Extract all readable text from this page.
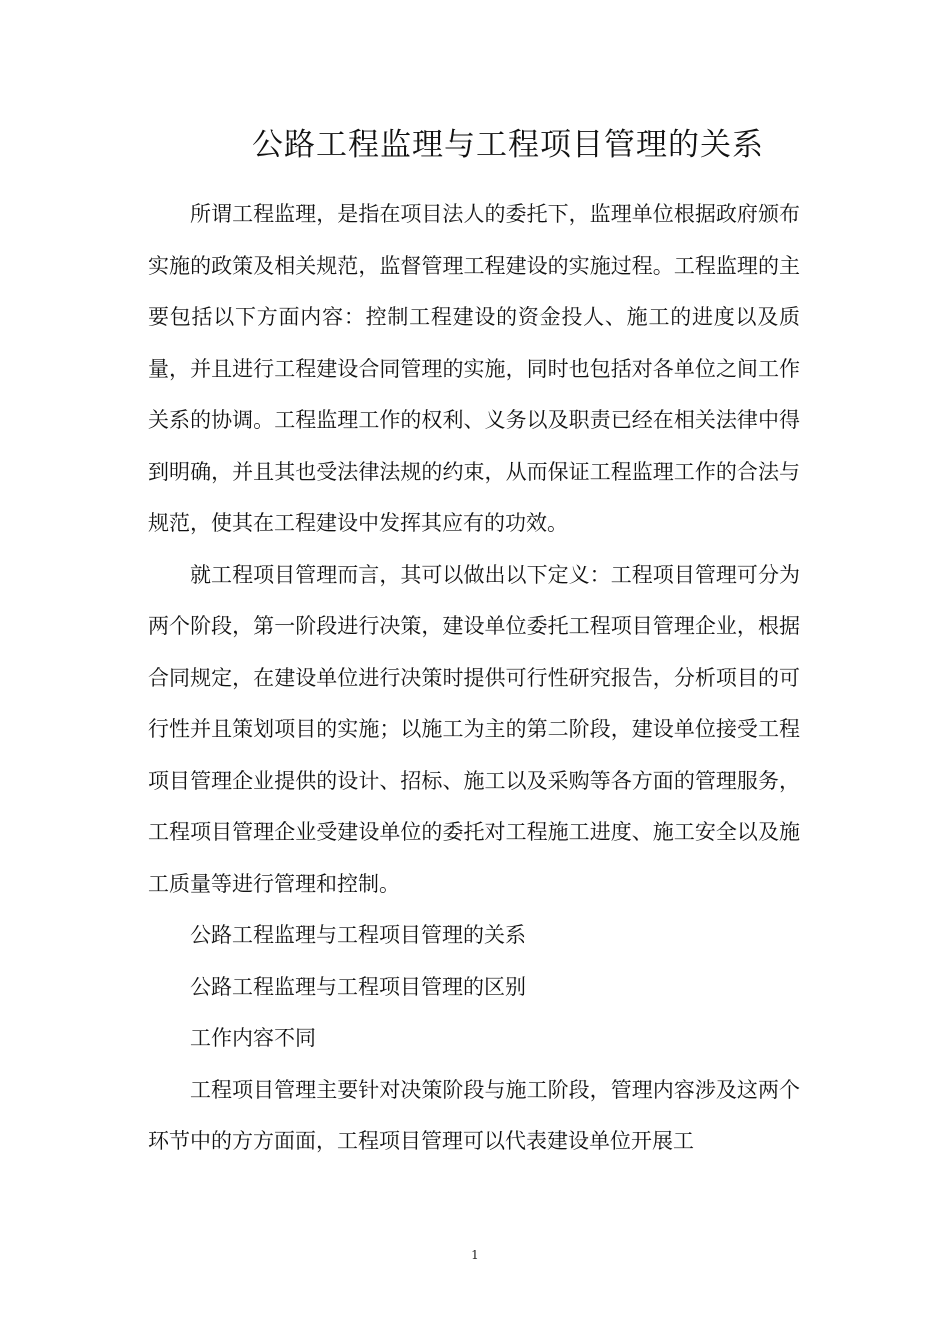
公路工程监理与工程项目管理的关系

所谓工程监理，是指在项目法人的委托下，监理单位根据政府颁布实施的政策及相关规范，监督管理工程建设的实施过程。工程监理的主要包括以下方面内容：控制工程建设的资金投人、施工的进度以及质量，并且进行工程建设合同管理的实施，同时也包括对各单位之间工作关系的协调。工程监理工作的权利、义务以及职责已经在相关法律中得到明确，并且其也受法律法规的约束，从而保证工程监理工作的合法与规范，使其在工程建设中发挥其应有的功效。

就工程项目管理而言，其可以做出以下定义：工程项目管理可分为两个阶段，第一阶段进行决策，建设单位委托工程项目管理企业，根据合同规定，在建设单位进行决策时提供可行性研究报告，分析项目的可行性并且策划项目的实施；以施工为主的第二阶段，建设单位接受工程项目管理企业提供的设计、招标、施工以及采购等各方面的管理服务，工程项目管理企业受建设单位的委托对工程施工进度、施工安全以及施工质量等进行管理和控制。

公路工程监理与工程项目管理的关系

公路工程监理与工程项目管理的区别

工作内容不同

工程项目管理主要针对决策阶段与施工阶段，管理内容涉及这两个环节中的方方面面，工程项目管理可以代表建设单位开展工

1
